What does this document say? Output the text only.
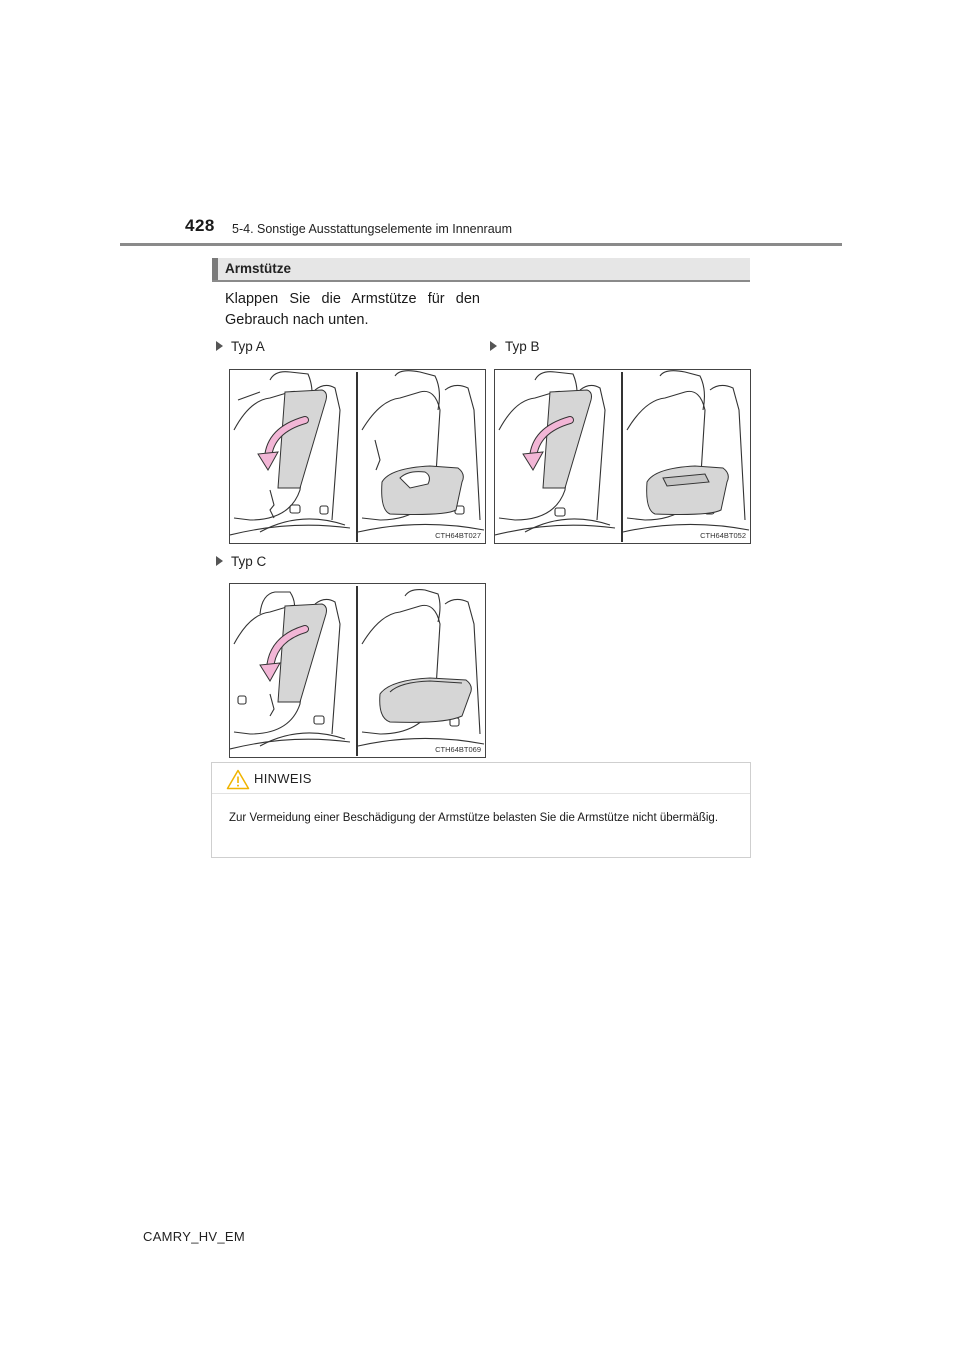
428 5-4. Sonstige Ausstattungselemente im Innenraum
Armstütze
Klappen Sie die Armstütze für den Gebrauch nach unten.
Typ A	Typ B
Typ C
CTH64BT027	CTH64BT052
CTH64BT069
HINWEIS
Zur Vermeidung einer Beschädigung der Armstütze belasten Sie die Armstütze nicht übermäßig.
CAMRY_HV_EM
